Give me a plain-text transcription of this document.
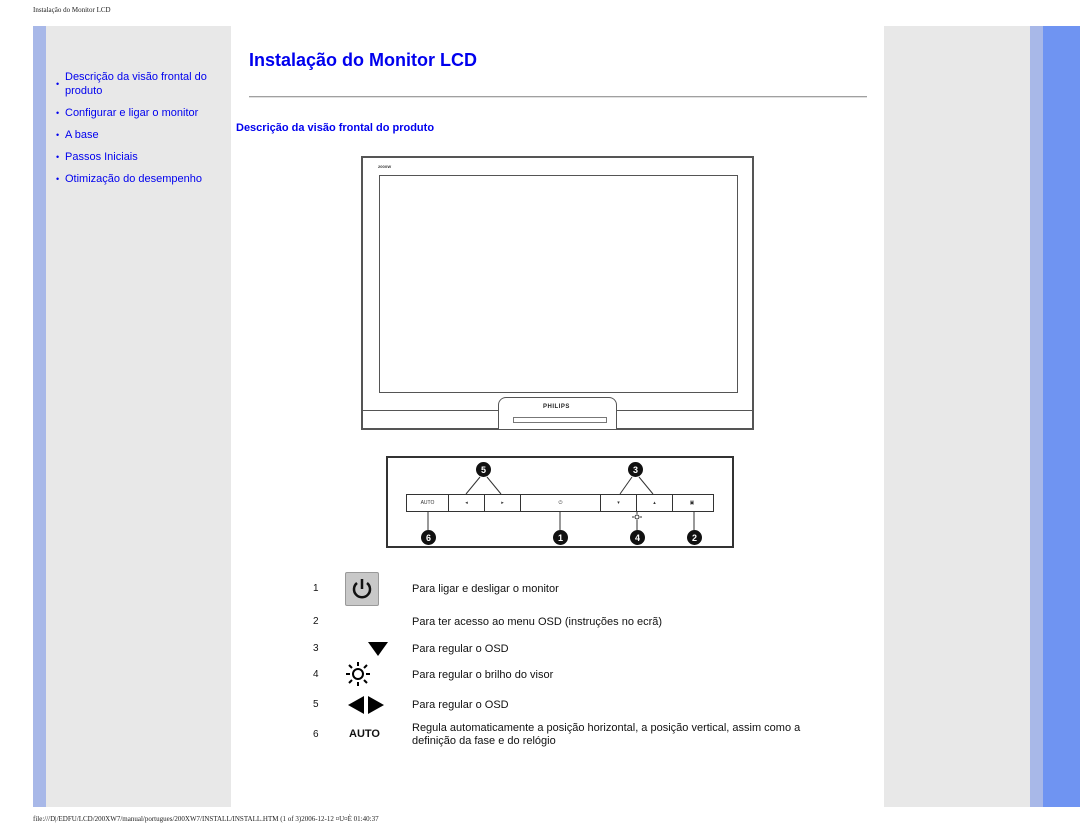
Instalação do Monitor LCD
•
Descrição da visão frontal do produto
• Configurar e ligar o monitor
• A base
• Passos Iniciais
• Otimização do desempenho
Instalação do Monitor LCD
Descrição da visão frontal do produto
200XW
PHILIPS
5	3
AUTO	◂	▸	⏻	▾	▴	▣
6	1	4	2
1	Para ligar e desligar o monitor
2	Para ter acesso ao menu OSD (instruções no ecrã)
3	Para regular o OSD
4	Para regular o brilho do visor
5	Para regular o OSD
6	AUTO	Regula automaticamente a posição horizontal, a posição vertical, assim como a definição da fase e do relógio
file:///D|/EDFU/LCD/200XW7/manual/portugues/200XW7/INSTALL/INSTALL.HTM (1 of 3)2006-12-12 ¤U¤È 01:40:37
